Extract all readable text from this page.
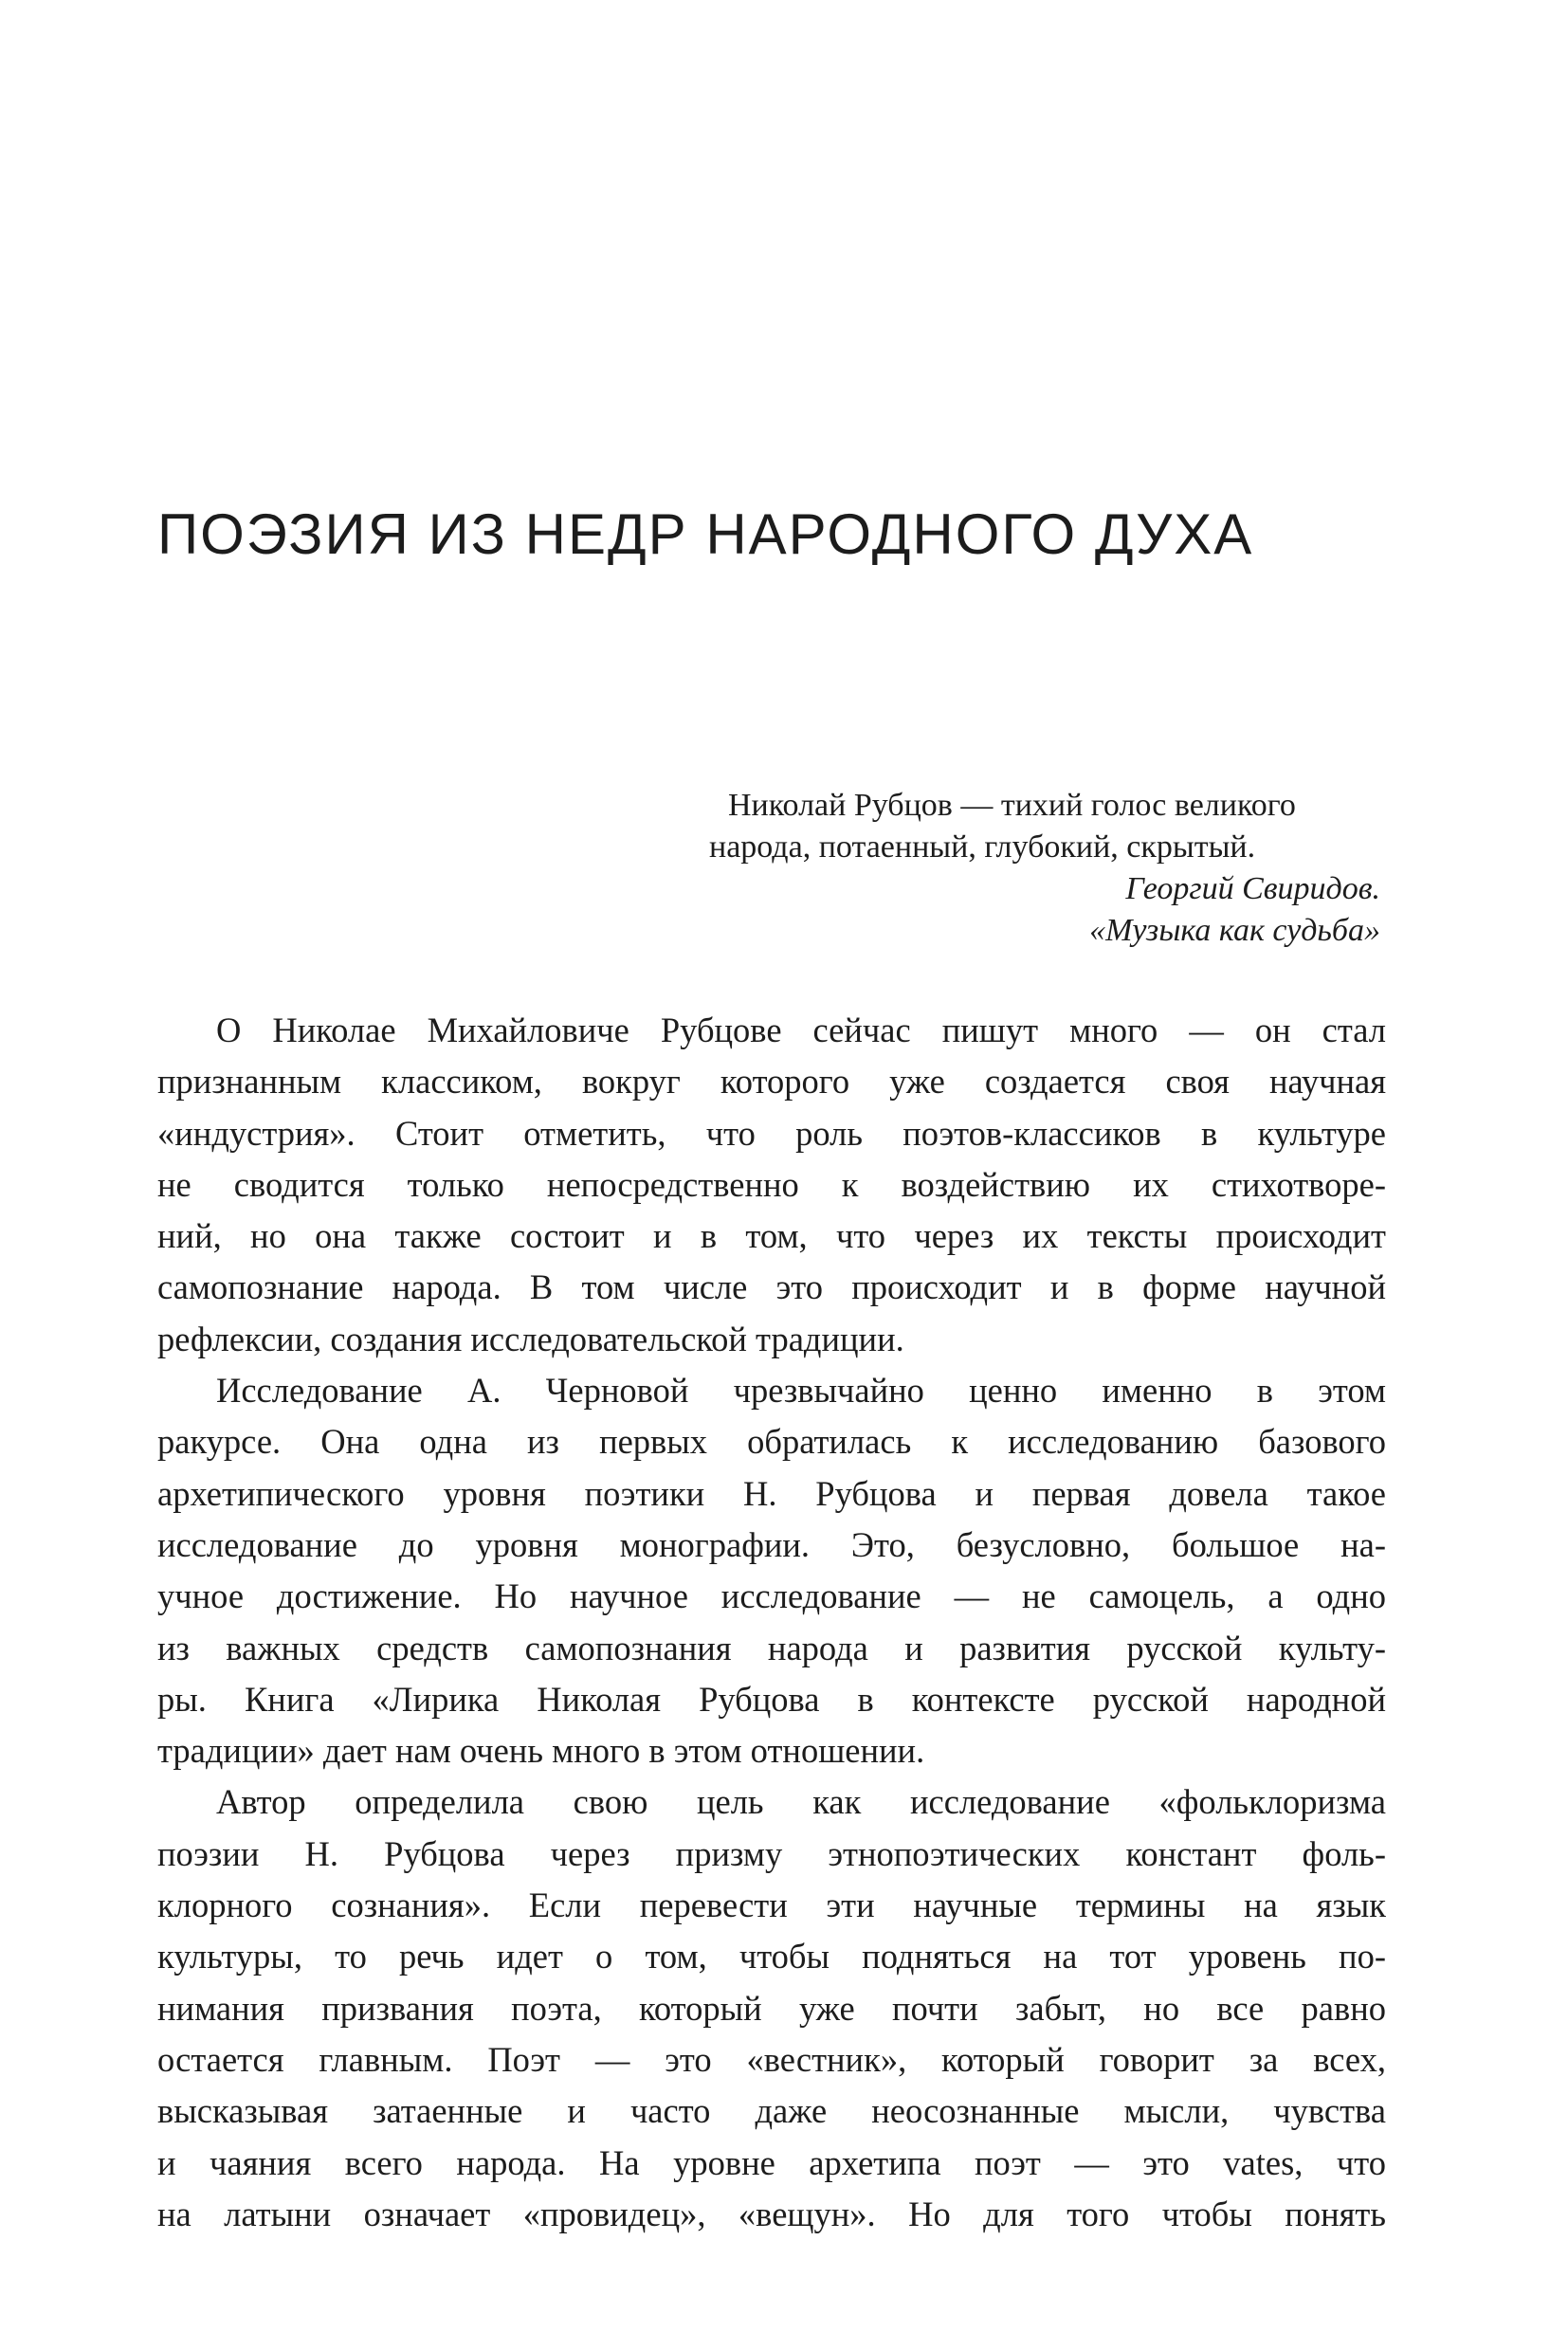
ПОЭЗИЯ ИЗ НЕДР НАРОДНОГО ДУХА
Николай Рубцов — тихий голос великого
народа, потаенный, глубокий, скрытый.
Георгий Свиридов.
«Музыка как судьба»
О Николае Михайловиче Рубцове сейчас пишут много — он стал
признанным классиком, вокруг которого уже создается своя научная
«индустрия». Стоит отметить, что роль поэтов-классиков в культуре
не сводится только непосредственно к воздействию их стихотворе-
ний, но она также состоит и в том, что через их тексты происходит
самопознание народа. В том числе это происходит и в форме научной
рефлексии, создания исследовательской традиции.
Исследование А. Черновой чрезвычайно ценно именно в этом
ракурсе. Она одна из первых обратилась к исследованию базового
архетипического уровня поэтики Н. Рубцова и первая довела такое
исследование до уровня монографии. Это, безусловно, большое на-
учное достижение. Но научное исследование — не самоцель, а одно
из важных средств самопознания народа и развития русской культу-
ры. Книга «Лирика Николая Рубцова в контексте русской народной
традиции» дает нам очень много в этом отношении.
Автор определила свою цель как исследование «фольклоризма
поэзии Н. Рубцова через призму этнопоэтических констант фоль-
клорного сознания». Если перевести эти научные термины на язык
культуры, то речь идет о том, чтобы подняться на тот уровень по-
нимания призвания поэта, который уже почти забыт, но все равно
остается главным. Поэт — это «вестник», который говорит за всех,
высказывая затаенные и часто даже неосознанные мысли, чувства
и чаяния всего народа. На уровне архетипа поэт — это vates, что
на латыни означает «провидец», «вещун». Но для того чтобы понять
